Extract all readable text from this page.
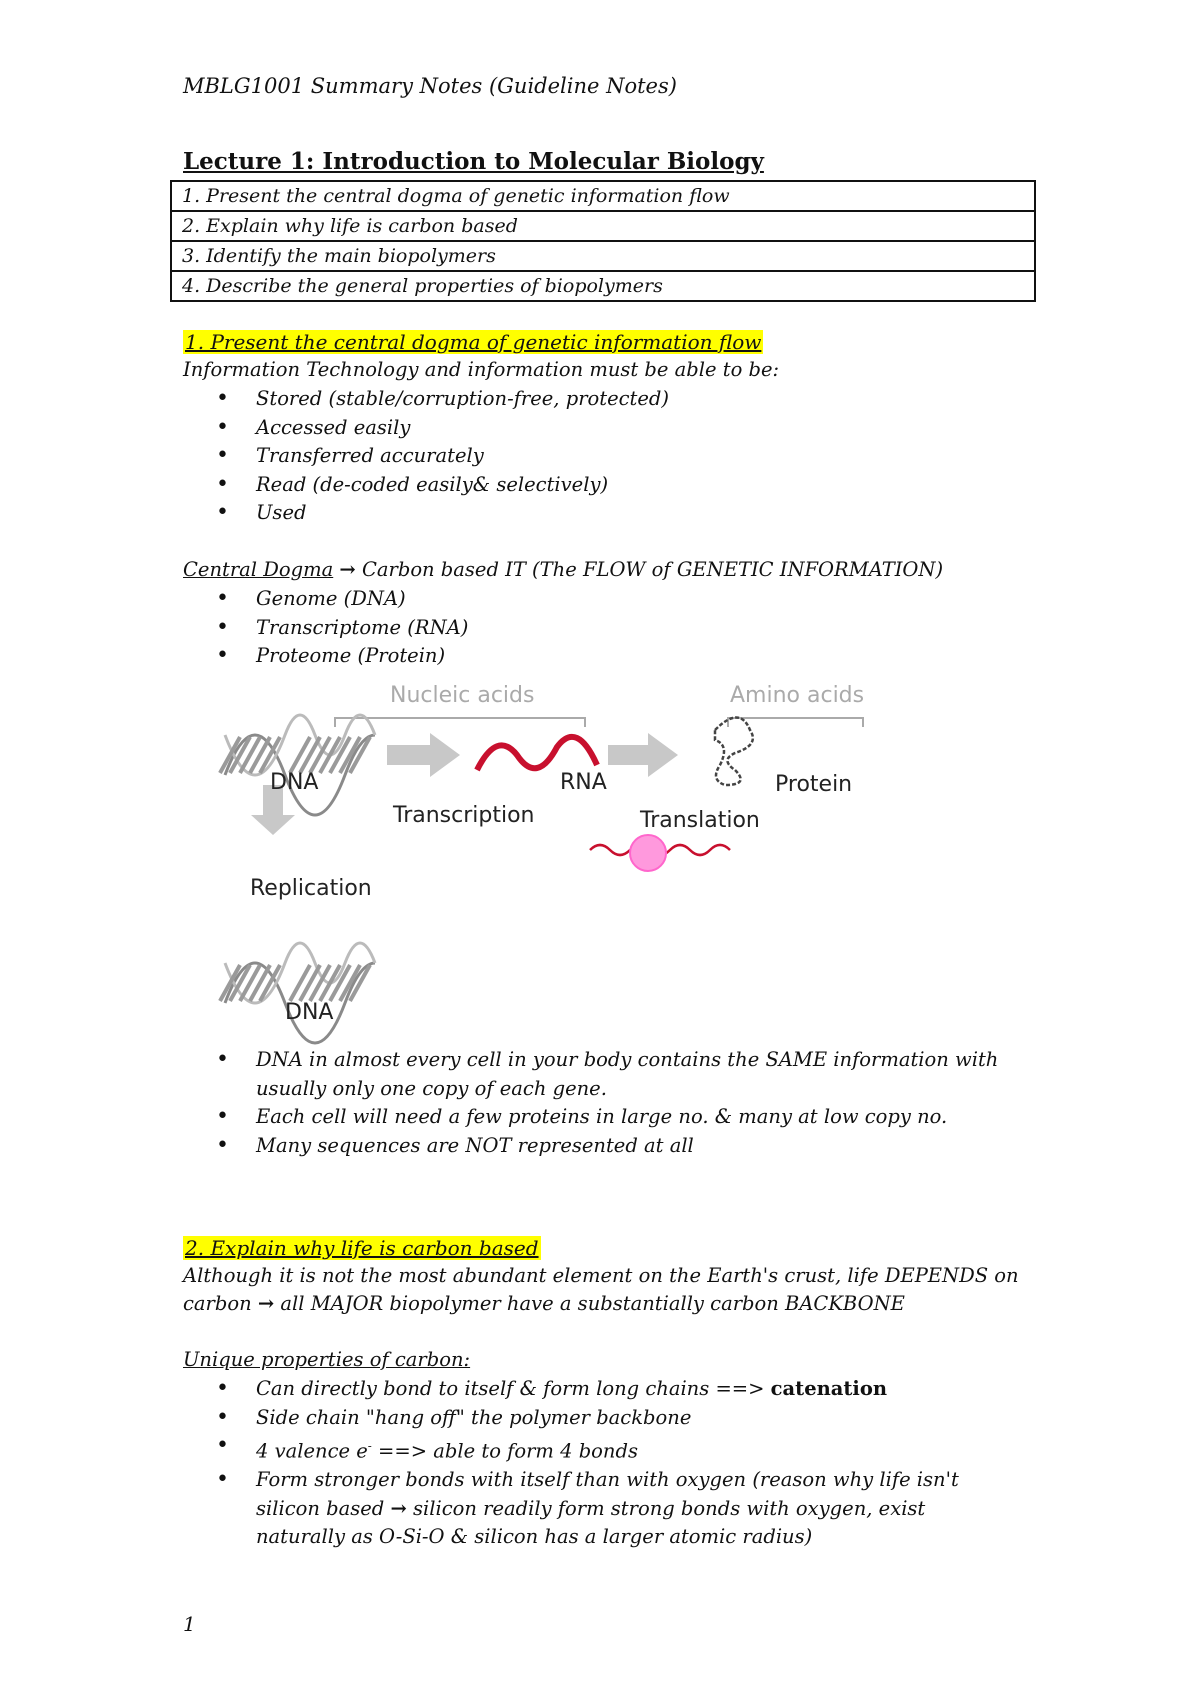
MBLG1001 Summary Notes (Guideline Notes)
Lecture 1: Introduction to Molecular Biology
1. Present the central dogma of genetic information flow
2. Explain why life is carbon based
3. Identify the main biopolymers
4. Describe the general properties of biopolymers
1. Present the central dogma of genetic information flow
Information Technology and information must be able to be:
• Stored (stable/corruption-free, protected)
• Accessed easily
• Transferred accurately
• Read (de-coded easily& selectively)
• Used
Central Dogma → Carbon based IT (The FLOW of GENETIC INFORMATION)
• Genome (DNA)
• Transcriptome (RNA)
• Proteome (Protein)
Nucleic acids	Amino acids
DNA	RNA	Protein
Transcription	Translation
Replication
DNA
• DNA in almost every cell in your body contains the SAME information with usually only one copy of each gene.
• Each cell will need a few proteins in large no. & many at low copy no.
• Many sequences are NOT represented at all
2. Explain why life is carbon based
Although it is not the most abundant element on the Earth's crust, life DEPENDS on
carbon → all MAJOR biopolymer have a substantially carbon BACKBONE
Unique properties of carbon:
• Can directly bond to itself & form long chains ==> catenation
• Side chain "hang off" the polymer backbone
• 4 valence e- ==> able to form 4 bonds
• Form stronger bonds with itself than with oxygen (reason why life isn't silicon based → silicon readily form strong bonds with oxygen, exist naturally as O-Si-O & silicon has a larger atomic radius)
1
